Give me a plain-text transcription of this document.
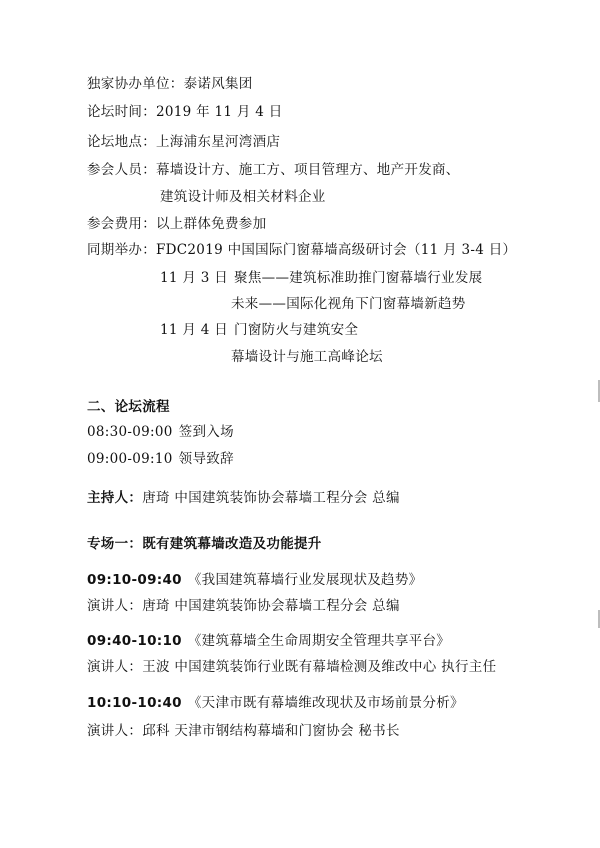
独家协办单位：泰诺风集团
论坛时间：2019 年 11 月 4 日
论坛地点：上海浦东星河湾酒店
参会人员：幕墙设计方、施工方、项目管理方、地产开发商、
建筑设计师及相关材料企业
参会费用：以上群体免费参加
同期举办：FDC2019 中国国际门窗幕墙高级研讨会（11 月 3-4 日）
11 月 3 日 聚焦——建筑标准助推门窗幕墙行业发展
未来——国际化视角下门窗幕墙新趋势
11 月 4 日 门窗防火与建筑安全
幕墙设计与施工高峰论坛
二、论坛流程
08:30-09:00 签到入场
09:00-09:10 领导致辞
主持人：唐琦 中国建筑装饰协会幕墙工程分会 总编
专场一：既有建筑幕墙改造及功能提升
09:10-09:40 《我国建筑幕墙行业发展现状及趋势》
演讲人：唐琦 中国建筑装饰协会幕墙工程分会 总编
09:40-10:10 《建筑幕墙全生命周期安全管理共享平台》
演讲人：王波 中国建筑装饰行业既有幕墙检测及维改中心 执行主任
10:10-10:40 《天津市既有幕墙维改现状及市场前景分析》
演讲人：邱科 天津市钢结构幕墙和门窗协会 秘书长
